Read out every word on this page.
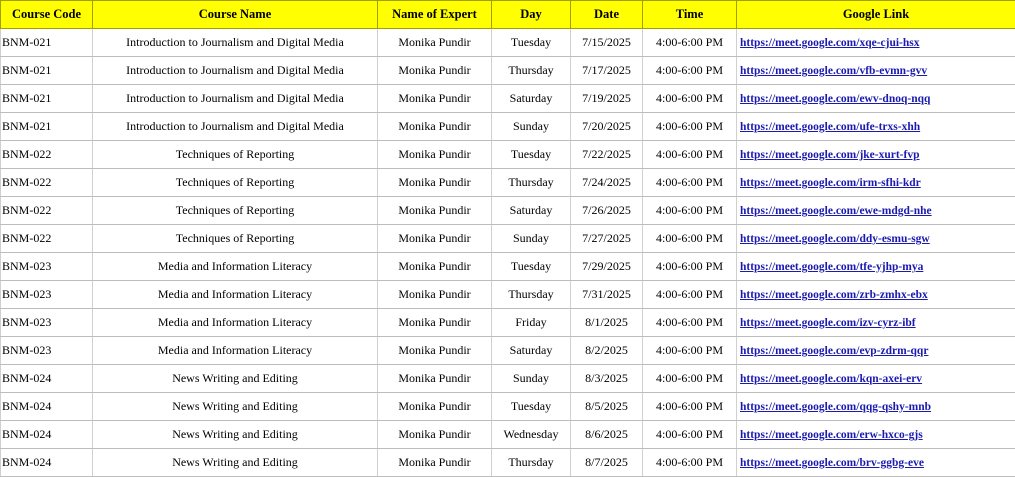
Course Code	Course Name	Name of Expert	Day	Date	Time	Google Link
BNM-021	Introduction to Journalism and Digital Media	Monika Pundir	Tuesday	7/15/2025	4:00-6:00 PM	https://meet.google.com/xqe-cjui-hsx
BNM-021	Introduction to Journalism and Digital Media	Monika Pundir	Thursday	7/17/2025	4:00-6:00 PM	https://meet.google.com/vfb-evmn-gvv
BNM-021	Introduction to Journalism and Digital Media	Monika Pundir	Saturday	7/19/2025	4:00-6:00 PM	https://meet.google.com/ewv-dnoq-nqq
BNM-021	Introduction to Journalism and Digital Media	Monika Pundir	Sunday	7/20/2025	4:00-6:00 PM	https://meet.google.com/ufe-trxs-xhh
BNM-022	Techniques of Reporting	Monika Pundir	Tuesday	7/22/2025	4:00-6:00 PM	https://meet.google.com/jke-xurt-fvp
BNM-022	Techniques of Reporting	Monika Pundir	Thursday	7/24/2025	4:00-6:00 PM	https://meet.google.com/irm-sfhi-kdr
BNM-022	Techniques of Reporting	Monika Pundir	Saturday	7/26/2025	4:00-6:00 PM	https://meet.google.com/ewe-mdgd-nhe
BNM-022	Techniques of Reporting	Monika Pundir	Sunday	7/27/2025	4:00-6:00 PM	https://meet.google.com/ddy-esmu-sgw
BNM-023	Media and Information Literacy	Monika Pundir	Tuesday	7/29/2025	4:00-6:00 PM	https://meet.google.com/tfe-yjhp-mya
BNM-023	Media and Information Literacy	Monika Pundir	Thursday	7/31/2025	4:00-6:00 PM	https://meet.google.com/zrb-zmhx-ebx
BNM-023	Media and Information Literacy	Monika Pundir	Friday	8/1/2025	4:00-6:00 PM	https://meet.google.com/izv-cyrz-ibf
BNM-023	Media and Information Literacy	Monika Pundir	Saturday	8/2/2025	4:00-6:00 PM	https://meet.google.com/evp-zdrm-qqr
BNM-024	News Writing and Editing	Monika Pundir	Sunday	8/3/2025	4:00-6:00 PM	https://meet.google.com/kqn-axei-erv
BNM-024	News Writing and Editing	Monika Pundir	Tuesday	8/5/2025	4:00-6:00 PM	https://meet.google.com/qqg-qshy-mnb
BNM-024	News Writing and Editing	Monika Pundir	Wednesday	8/6/2025	4:00-6:00 PM	https://meet.google.com/erw-hxco-gjs
BNM-024	News Writing and Editing	Monika Pundir	Thursday	8/7/2025	4:00-6:00 PM	https://meet.google.com/brv-ggbg-eve
